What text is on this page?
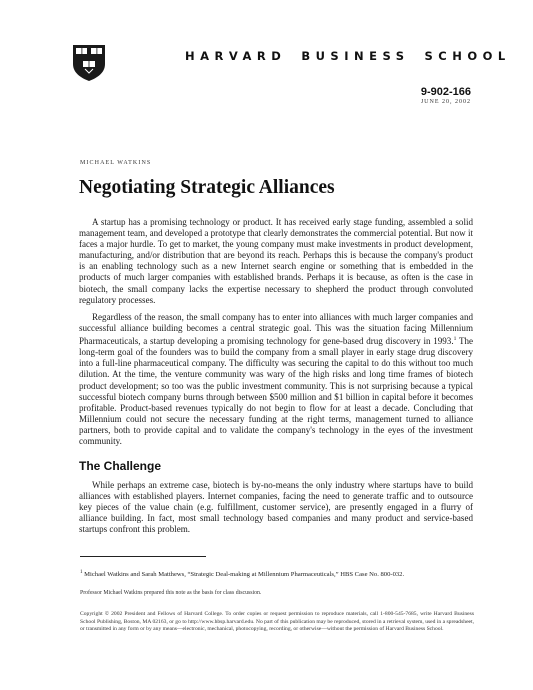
HARVARD BUSINESS SCHOOL
9-902-166
JUNE 20, 2002
MICHAEL WATKINS
Negotiating Strategic Alliances

A startup has a promising technology or product. It has received early stage funding, assembled a solid management team, and developed a prototype that clearly demonstrates the commercial potential. But now it faces a major hurdle. To get to market, the young company must make investments in product development, manufacturing, and/or distribution that are beyond its reach. Perhaps this is because the company's product is an enabling technology such as a new Internet search engine or something that is embedded in the products of much larger companies with established brands. Perhaps it is because, as often is the case in biotech, the small company lacks the expertise necessary to shepherd the product through convoluted regulatory processes.

Regardless of the reason, the small company has to enter into alliances with much larger companies and successful alliance building becomes a central strategic goal. This was the situation facing Millennium Pharmaceuticals, a startup developing a promising technology for gene-based drug discovery in 1993.$^1$ The long-term goal of the founders was to build the company from a small player in early stage drug discovery into a full-line pharmaceutical company. The difficulty was securing the capital to do this without too much dilution. At the time, the venture community was wary of the high risks and long time frames of biotech product development; so too was the public investment community. This is not surprising because a typical successful biotech company burns through between $500 million and $1 billion in capital before it becomes profitable. Product-based revenues typically do not begin to flow for at least a decade. Concluding that Millennium could not secure the necessary funding at the right terms, management turned to alliance partners, both to provide capital and to validate the company's technology in the eyes of the investment community.

The Challenge

While perhaps an extreme case, biotech is by-no-means the only industry where startups have to build alliances with established players. Internet companies, facing the need to generate traffic and to outsource key pieces of the value chain (e.g. fulfillment, customer service), are presently engaged in a flurry of alliance building. In fact, most small technology based companies and many product and service-based startups confront this problem.

$^1$ Michael Watkins and Sarah Matthews, “Strategic Deal-making at Millennium Pharmaceuticals,” HBS Case No. 800-032.
Professor Michael Watkins prepared this note as the basis for class discussion.
Copyright © 2002 President and Fellows of Harvard College. To order copies or request permission to reproduce materials, call 1-800-545-7685, write Harvard Business School Publishing, Boston, MA 02163, or go to http://www.hbsp.harvard.edu. No part of this publication may be reproduced, stored in a retrieval system, used in a spreadsheet, or transmitted in any form or by any means—electronic, mechanical, photocopying, recording, or otherwise—without the permission of Harvard Business School.
